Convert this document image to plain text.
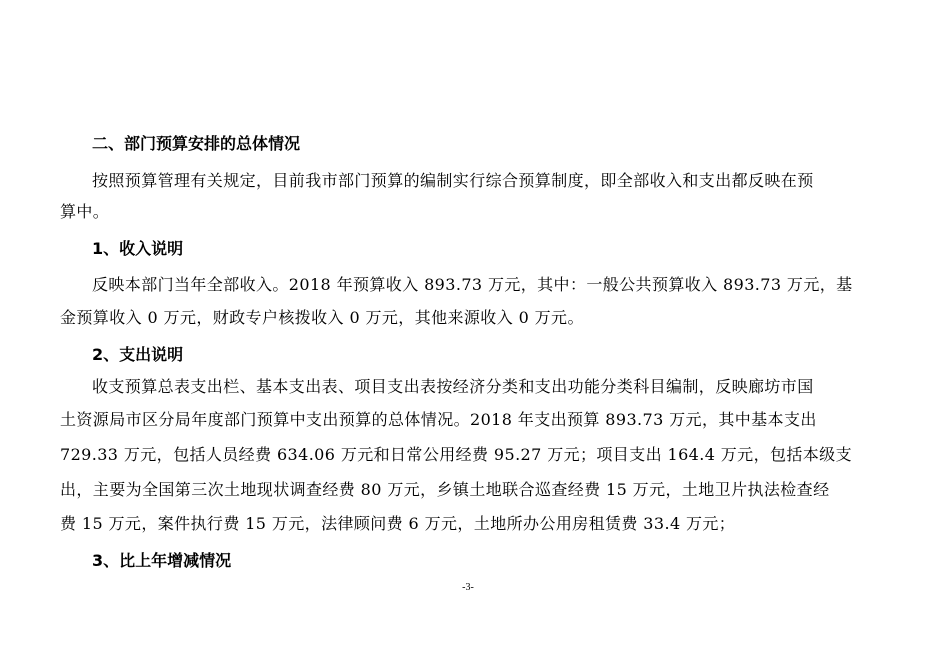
二、部门预算安排的总体情况
按照预算管理有关规定，目前我市部门预算的编制实行综合预算制度，即全部收入和支出都反映在预
算中。
1、收入说明
反映本部门当年全部收入。2018 年预算收入 893.73 万元，其中：一般公共预算收入 893.73 万元，基
金预算收入 0 万元，财政专户核拨收入 0 万元，其他来源收入 0 万元。
2、支出说明
收支预算总表支出栏、基本支出表、项目支出表按经济分类和支出功能分类科目编制，反映廊坊市国
土资源局市区分局年度部门预算中支出预算的总体情况。2018 年支出预算 893.73 万元，其中基本支出
729.33 万元，包括人员经费 634.06 万元和日常公用经费 95.27 万元；项目支出 164.4 万元，包括本级支
出，主要为全国第三次土地现状调查经费 80 万元，乡镇土地联合巡查经费 15 万元，土地卫片执法检查经
费 15 万元，案件执行费 15 万元，法律顾问费 6 万元，土地所办公用房租赁费 33.4 万元；
3、比上年增减情况
-3-
